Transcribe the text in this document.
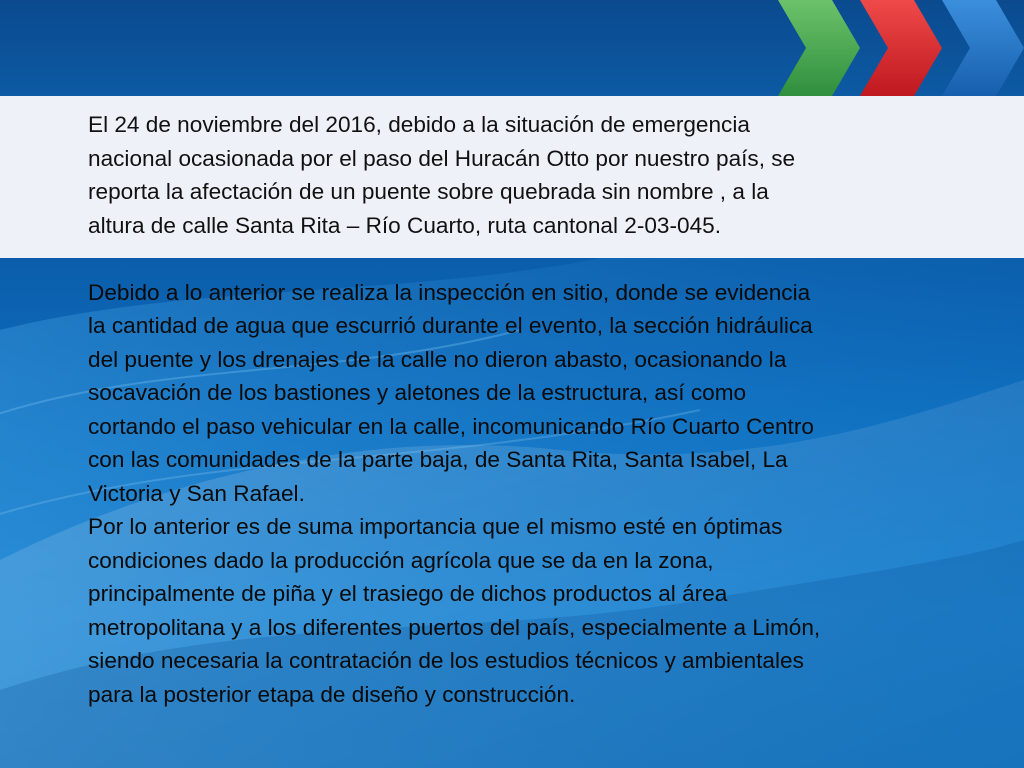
El 24 de noviembre del 2016, debido a la situación de emergencia
nacional ocasionada por el paso del Huracán Otto por nuestro país, se
reporta la afectación de un puente sobre quebrada sin nombre , a la
altura de calle Santa Rita – Río Cuarto, ruta cantonal 2-03-045.

Debido a lo anterior se realiza la inspección en sitio, donde se evidencia
la cantidad de agua que escurrió durante el evento, la sección hidráulica
del puente y los drenajes de la calle no dieron abasto, ocasionando la
socavación de los bastiones y aletones de la estructura, así como
cortando el paso vehicular en la calle, incomunicando Río Cuarto Centro
con las comunidades de la parte baja, de Santa Rita, Santa Isabel, La
Victoria y San Rafael.

Por lo anterior es de suma importancia que el mismo esté en óptimas
condiciones dado la producción agrícola que se da en la zona,
principalmente de piña y el trasiego de dichos productos al área
metropolitana y a los diferentes puertos del país, especialmente a Limón,
siendo necesaria la contratación de los estudios técnicos y ambientales
para la posterior etapa de diseño y construcción.
